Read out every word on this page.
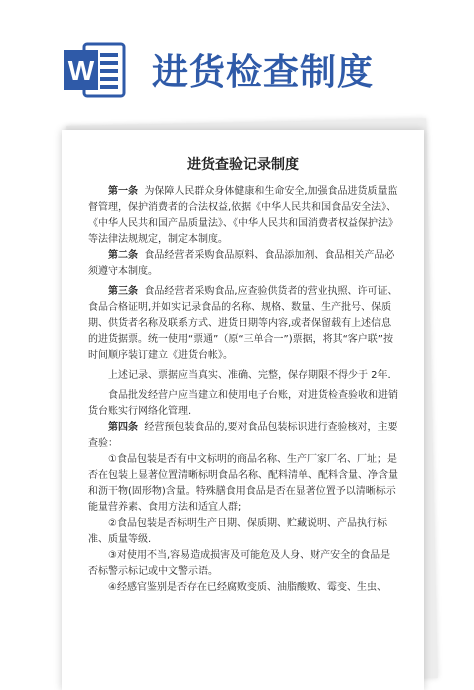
W 进货检查制度
进货查验记录制度

第一条 为保障人民群众身体健康和生命安全,加强食品进货质量监督管理，保护消费者的合法权益,依据《中华人民共和国食品安全法》、《中华人民共和国产品质量法》、《中华人民共和国消费者权益保护法》等法律法规规定，制定本制度。

第二条 食品经营者采购食品原料、食品添加剂、食品相关产品必须遵守本制度。

第三条 食品经营者采购食品,应查验供货者的营业执照、许可证、食品合格证明,并如实记录食品的名称、规格、数量、生产批号、保质期、供货者名称及联系方式、进货日期等内容,或者保留载有上述信息的进货据票。统一使用“票通”（原“三单合一”)票据，将其“客户联”按时间顺序装订建立《进货台帐》。

上述记录、票据应当真实、准确、完整，保存期限不得少于 2年.

食品批发经营户应当建立和使用电子台账，对进货检查验收和进销货台账实行网络化管理.

第四条 经营预包装食品的,要对食品包装标识进行查验核对，主要查验：

①食品包装是否有中文标明的商品名称、生产厂家厂名、厂址；是否在包装上显著位置清晰标明食品名称、配料清单、配料含量、净含量和沥干物(固形物)含量。特殊膳食用食品是否在显著位置予以清晰标示能量营养素、食用方法和适宜人群;

②食品包装是否标明生产日期、保质期、贮藏说明、产品执行标准、质量等级.

③对使用不当,容易造成损害及可能危及人身、财产安全的食品是否标警示标记或中文警示语。

④经感官鉴别是否存在已经腐败变质、油脂酸败、霉变、生虫、
